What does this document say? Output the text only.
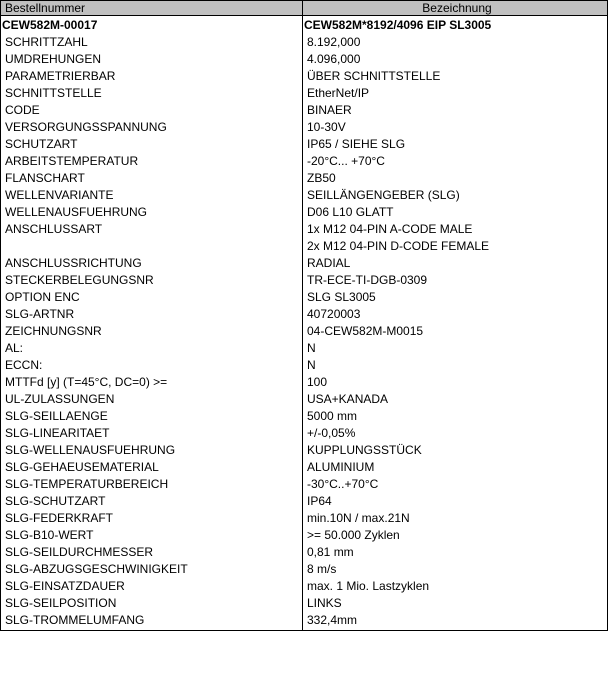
Bestellnummer	Bezeichnung
CEW582M-00017	CEW582M*8192/4096 EIP SL3005
SCHRITTZAHL	8.192,000
UMDREHUNGEN	4.096,000
PARAMETRIERBAR	ÜBER SCHNITTSTELLE
SCHNITTSTELLE	EtherNet/IP
CODE	BINAER
VERSORGUNGSSPANNUNG	10-30V
SCHUTZART	IP65 / SIEHE SLG
ARBEITSTEMPERATUR	-20°C... +70°C
FLANSCHART	ZB50
WELLENVARIANTE	SEILLÄNGENGEBER (SLG)
WELLENAUSFUEHRUNG	D06 L10 GLATT
ANSCHLUSSART	1x M12 04-PIN A-CODE MALE
	2x M12 04-PIN D-CODE FEMALE
ANSCHLUSSRICHTUNG	RADIAL
STECKERBELEGUNGSNR	TR-ECE-TI-DGB-0309
OPTION ENC	SLG SL3005
SLG-ARTNR	40720003
ZEICHNUNGSNR	04-CEW582M-M0015
AL:	N
ECCN:	N
MTTFd [y] (T=45°C, DC=0) >=	100
UL-ZULASSUNGEN	USA+KANADA
SLG-SEILLAENGE	5000 mm
SLG-LINEARITAET	+/-0,05%
SLG-WELLENAUSFUEHRUNG	KUPPLUNGSSTÜCK
SLG-GEHAEUSEMATERIAL	ALUMINIUM
SLG-TEMPERATURBEREICH	-30°C..+70°C
SLG-SCHUTZART	IP64
SLG-FEDERKRAFT	min.10N / max.21N
SLG-B10-WERT	>= 50.000 Zyklen
SLG-SEILDURCHMESSER	0,81 mm
SLG-ABZUGSGESCHWINIGKEIT	8 m/s
SLG-EINSATZDAUER	max. 1 Mio. Lastzyklen
SLG-SEILPOSITION	LINKS
SLG-TROMMELUMFANG	332,4mm
